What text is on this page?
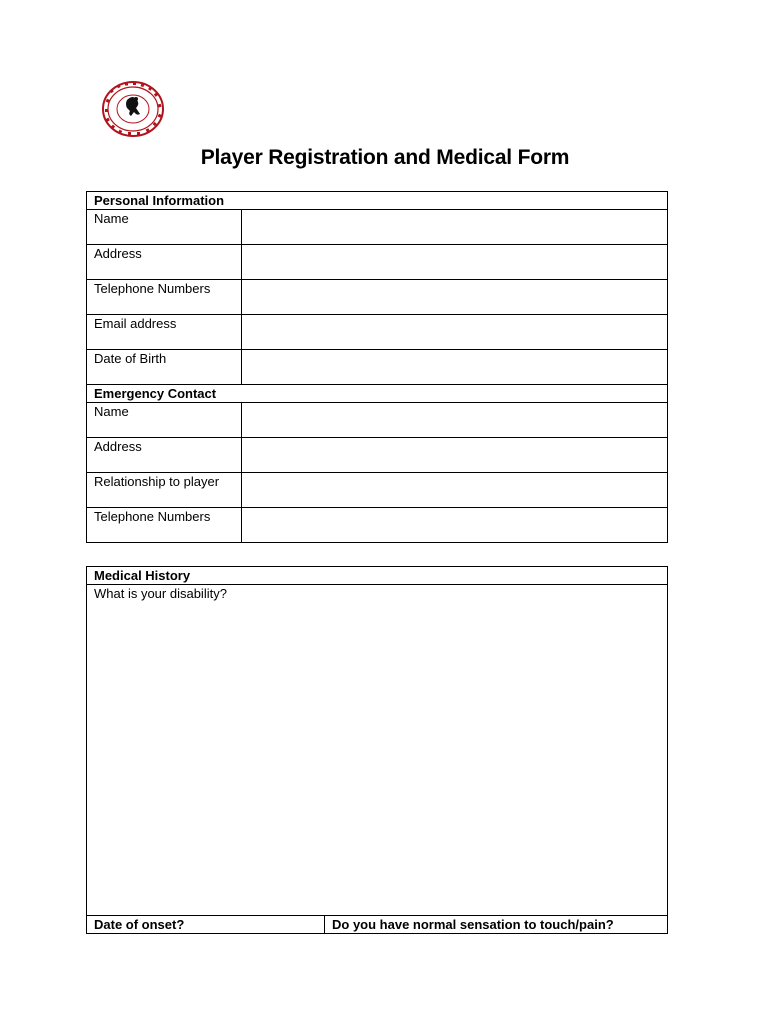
Player Registration and Medical Form
Personal Information	
Name	
Address	
Telephone Numbers	
Email address	
Date of Birth	
Emergency Contact	
Name	
Address	
Relationship to player	
Telephone Numbers	
Medical History
What is your disability?
Date of onset?	Do you have normal sensation to touch/pain?
